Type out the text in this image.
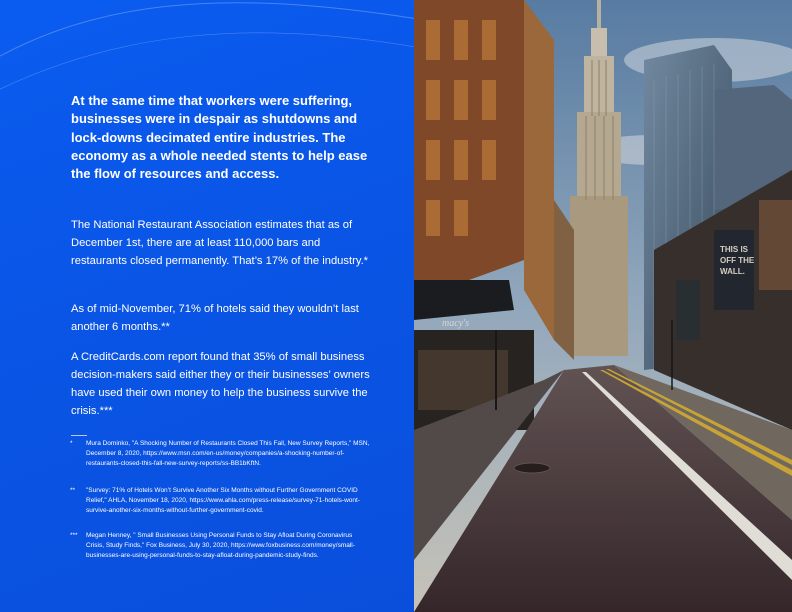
At the same time that workers were suffering, businesses were in despair as shutdowns and lock-downs decimated entire industries. The economy as a whole needed stents to help ease the flow of resources and access.

The National Restaurant Association estimates that as of December 1st, there are at least 110,000 bars and restaurants closed permanently. That’s 17% of the industry.*

As of mid-November, 71% of hotels said they wouldn’t last another 6 months.**

A CreditCards.com report found that 35% of small business decision-makers said either they or their businesses’ owners have used their own money to help the business survive the crisis.***

*	Mura Dominko, "A Shocking Number of Restaurants Closed This Fall, New Survey Reports," MSN, December 8, 2020, https://www.msn.com/en-us/money/companies/a-shocking-number-of-restaurants-closed-this-fall-new-survey-reports/ss-BB1bKftN.
**	"Survey: 71% of Hotels Won’t Survive Another Six Months without Further Government COVID Relief," AHLA, November 18, 2020, https://www.ahla.com/press-release/survey-71-hotels-wont-survive-another-six-months-without-further-government-covid.
***	Megan Henney, " Small Businesses Using Personal Funds to Stay Afloat During Coronavirus Crisis, Study Finds," Fox Business, July 30, 2020, https://www.foxbusiness.com/money/small-businesses-are-using-personal-funds-to-stay-afloat-during-pandemic-study-finds.
THIS IS OFF THE WALL.
macy's
